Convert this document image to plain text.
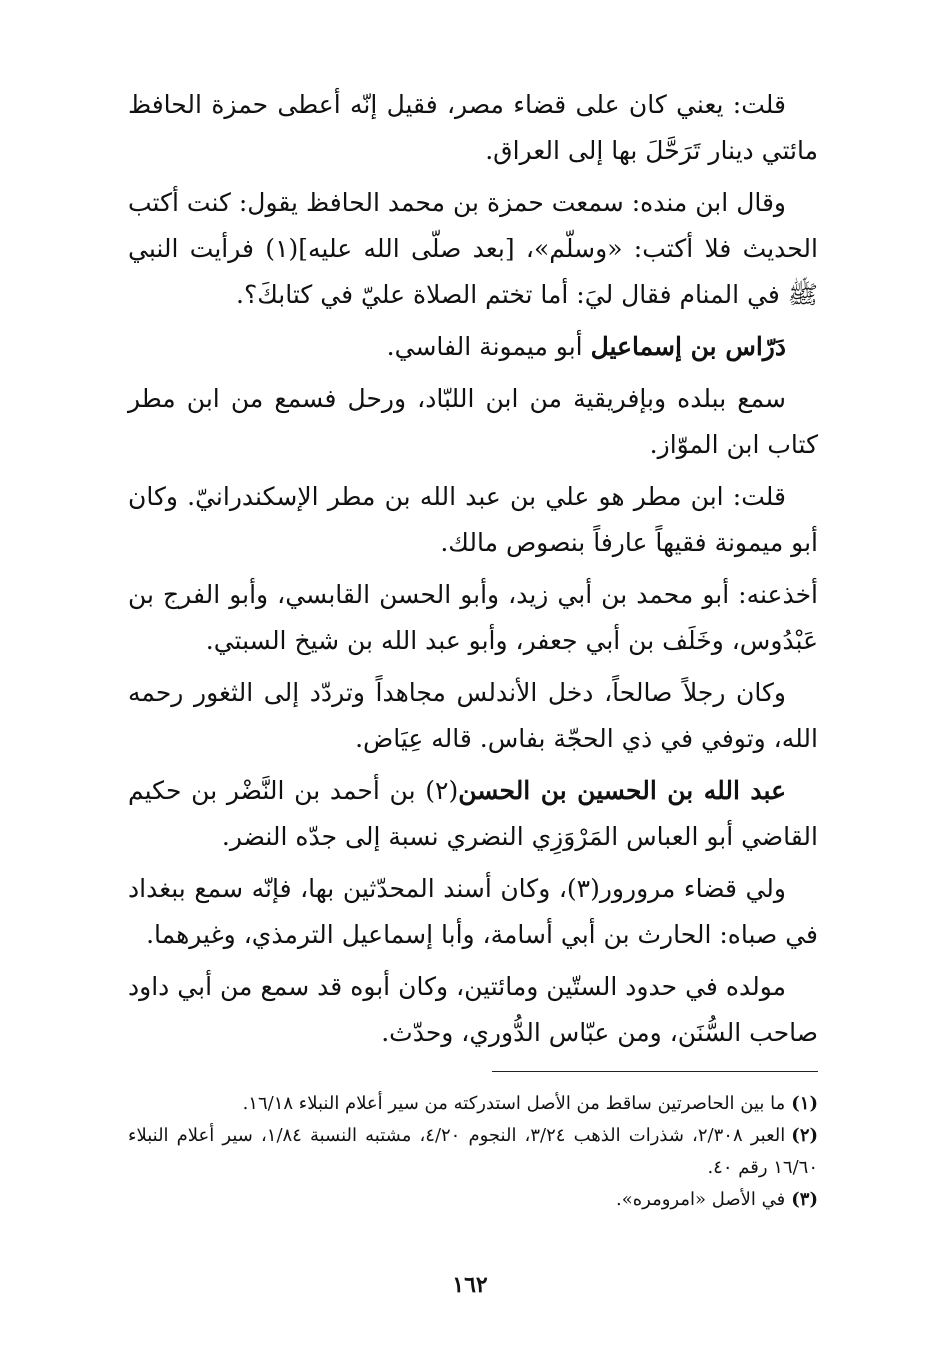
قلت: يعني كان على قضاء مصر، فقيل إنّه أعطى حمزة الحافظ مائتي دينار تَرَحَّلَ بها إلى العراق.

وقال ابن منده: سمعت حمزة بن محمد الحافظ يقول: كنت أكتب الحديث فلا أكتب: «وسلّم»، [بعد صلّى الله عليه](١) فرأيت النبي ﷺ في المنام فقال ليَ: أما تختم الصلاة عليّ في كتابكَ؟.

دَرّاس بن إسماعيل أبو ميمونة الفاسي.

سمع ببلده وبإفريقية من ابن اللبّاد، ورحل فسمع من ابن مطر كتاب ابن الموّاز.

قلت: ابن مطر هو علي بن عبد الله بن مطر الإسكندرانيّ. وكان أبو ميمونة فقيهاً عارفاً بنصوص مالك.

أخذعنه: أبو محمد بن أبي زيد، وأبو الحسن القابسي، وأبو الفرج بن عَبْدُوس، وخَلَف بن أبي جعفر، وأبو عبد الله بن شيخ السبتي.

وكان رجلاً صالحاً، دخل الأندلس مجاهداً وتردّد إلى الثغور رحمه الله، وتوفي في ذي الحجّة بفاس. قاله عِيَاض.

عبد الله بن الحسين بن الحسن(٢) بن أحمد بن النَّضْر بن حكيم القاضي أبو العباس المَرْوَزِي النضري نسبة إلى جدّه النضر.

ولي قضاء مرورور(٣)، وكان أسند المحدّثين بها، فإنّه سمع ببغداد في صباه: الحارث بن أبي أسامة، وأبا إسماعيل الترمذي، وغيرهما.

مولده في حدود الستّين ومائتين، وكان أبوه قد سمع من أبي داود صاحب السُّنَن، ومن عبّاس الدُّوري، وحدّث.

(١)ما بين الحاصرتين ساقط من الأصل استدركته من سير أعلام النبلاء ١٦/١٨.

(٢)العبر ٢/٣٠٨، شذرات الذهب ٣/٢٤، النجوم ٤/٢٠، مشتبه النسبة ١/٨٤، سير أعلام النبلاء ١٦/٦٠ رقم ٤٠.

(٣)في الأصل «امرومره».

١٦٢
